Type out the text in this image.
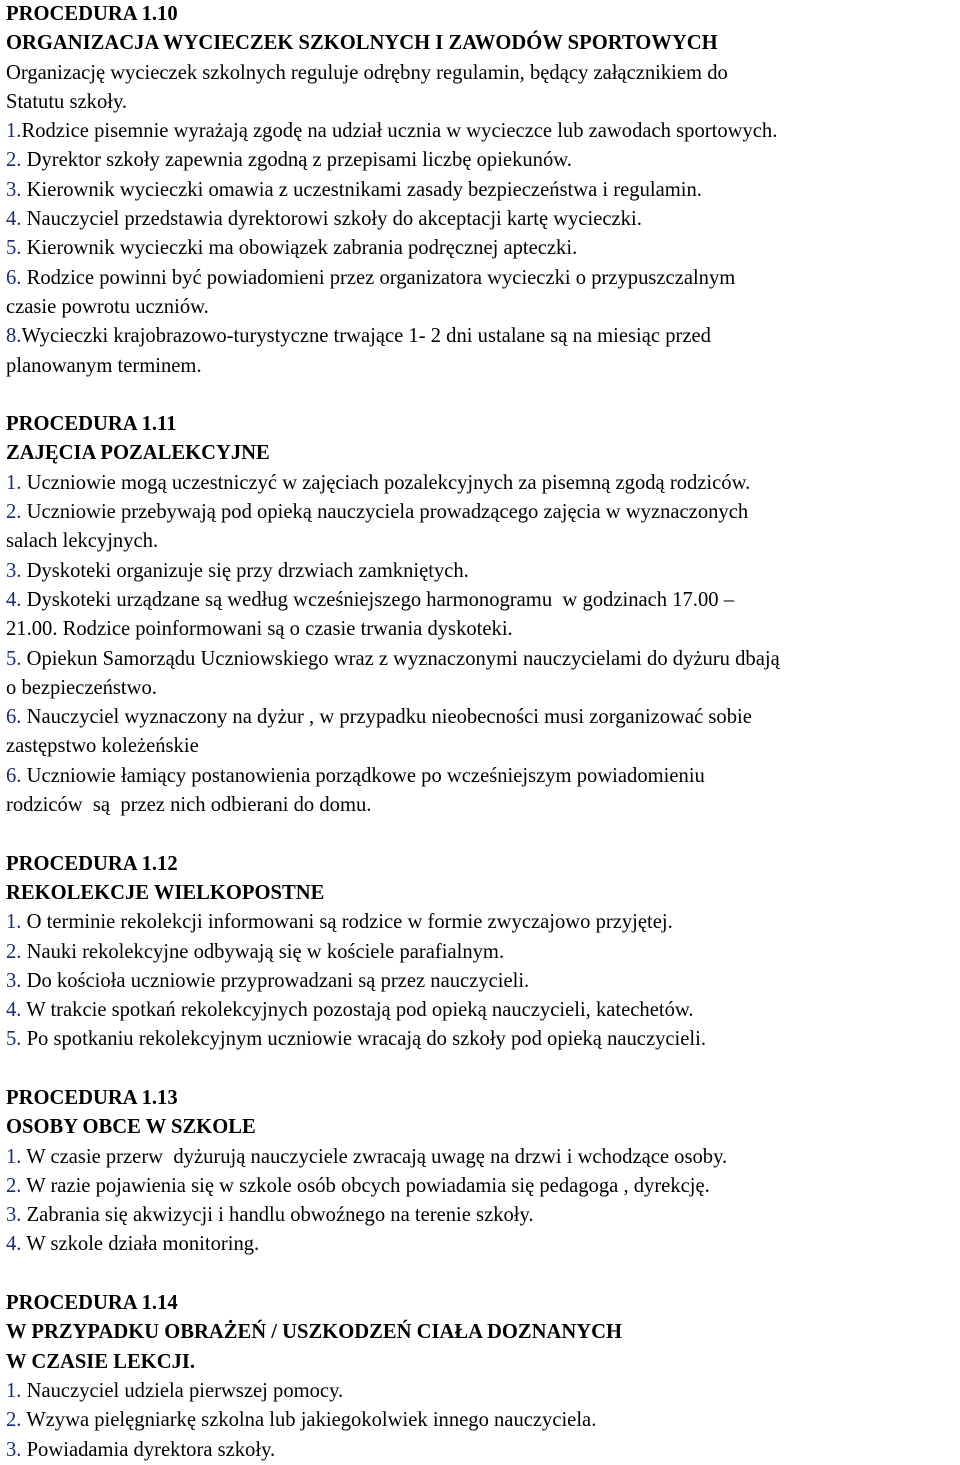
PROCEDURA 1.10
ORGANIZACJA WYCIECZEK SZKOLNYCH I ZAWODÓW SPORTOWYCH
Organizację wycieczek szkolnych reguluje odrębny regulamin, będący załącznikiem do
Statutu szkoły.
1.Rodzice pisemnie wyrażają zgodę na udział ucznia w wycieczce lub zawodach sportowych.
2. Dyrektor szkoły zapewnia zgodną z przepisami liczbę opiekunów.
3. Kierownik wycieczki omawia z uczestnikami zasady bezpieczeństwa i regulamin.
4. Nauczyciel przedstawia dyrektorowi szkoły do akceptacji kartę wycieczki.
5. Kierownik wycieczki ma obowiązek zabrania podręcznej apteczki.
6. Rodzice powinni być powiadomieni przez organizatora wycieczki o przypuszczalnym
czasie powrotu uczniów.
8.Wycieczki krajobrazowo-turystyczne trwające 1- 2 dni ustalane są na miesiąc przed
planowanym terminem.
PROCEDURA 1.11
ZAJĘCIA POZALEKCYJNE
1. Uczniowie mogą uczestniczyć w zajęciach pozalekcyjnych za pisemną zgodą rodziców.
2. Uczniowie przebywają pod opieką nauczyciela prowadzącego zajęcia w wyznaczonych
salach lekcyjnych.
3. Dyskoteki organizuje się przy drzwiach zamkniętych.
4. Dyskoteki urządzane są według wcześniejszego harmonogramu  w godzinach 17.00 –
21.00. Rodzice poinformowani są o czasie trwania dyskoteki.
5. Opiekun Samorządu Uczniowskiego wraz z wyznaczonymi nauczycielami do dyżuru dbają
o bezpieczeństwo.
6. Nauczyciel wyznaczony na dyżur , w przypadku nieobecności musi zorganizować sobie
zastępstwo koleżeńskie
6. Uczniowie łamiący postanowienia porządkowe po wcześniejszym powiadomieniu
rodziców  są  przez nich odbierani do domu.
PROCEDURA 1.12
REKOLEKCJE WIELKOPOSTNE
1. O terminie rekolekcji informowani są rodzice w formie zwyczajowo przyjętej.
2. Nauki rekolekcyjne odbywają się w kościele parafialnym.
3. Do kościoła uczniowie przyprowadzani są przez nauczycieli.
4. W trakcie spotkań rekolekcyjnych pozostają pod opieką nauczycieli, katechetów.
5. Po spotkaniu rekolekcyjnym uczniowie wracają do szkoły pod opieką nauczycieli.
PROCEDURA 1.13
OSOBY OBCE W SZKOLE
1. W czasie przerw  dyżurują nauczyciele zwracają uwagę na drzwi i wchodzące osoby.
2. W razie pojawienia się w szkole osób obcych powiadamia się pedagoga , dyrekcję.
3. Zabrania się akwizycji i handlu obwoźnego na terenie szkoły.
4. W szkole działa monitoring.
PROCEDURA 1.14
W PRZYPADKU OBRAŻEŃ / USZKODZEŃ CIAŁA DOZNANYCH
W CZASIE LEKCJI.
1. Nauczyciel udziela pierwszej pomocy.
2. Wzywa pielęgniarkę szkolna lub jakiegokolwiek innego nauczyciela.
3. Powiadamia dyrektora szkoły.
